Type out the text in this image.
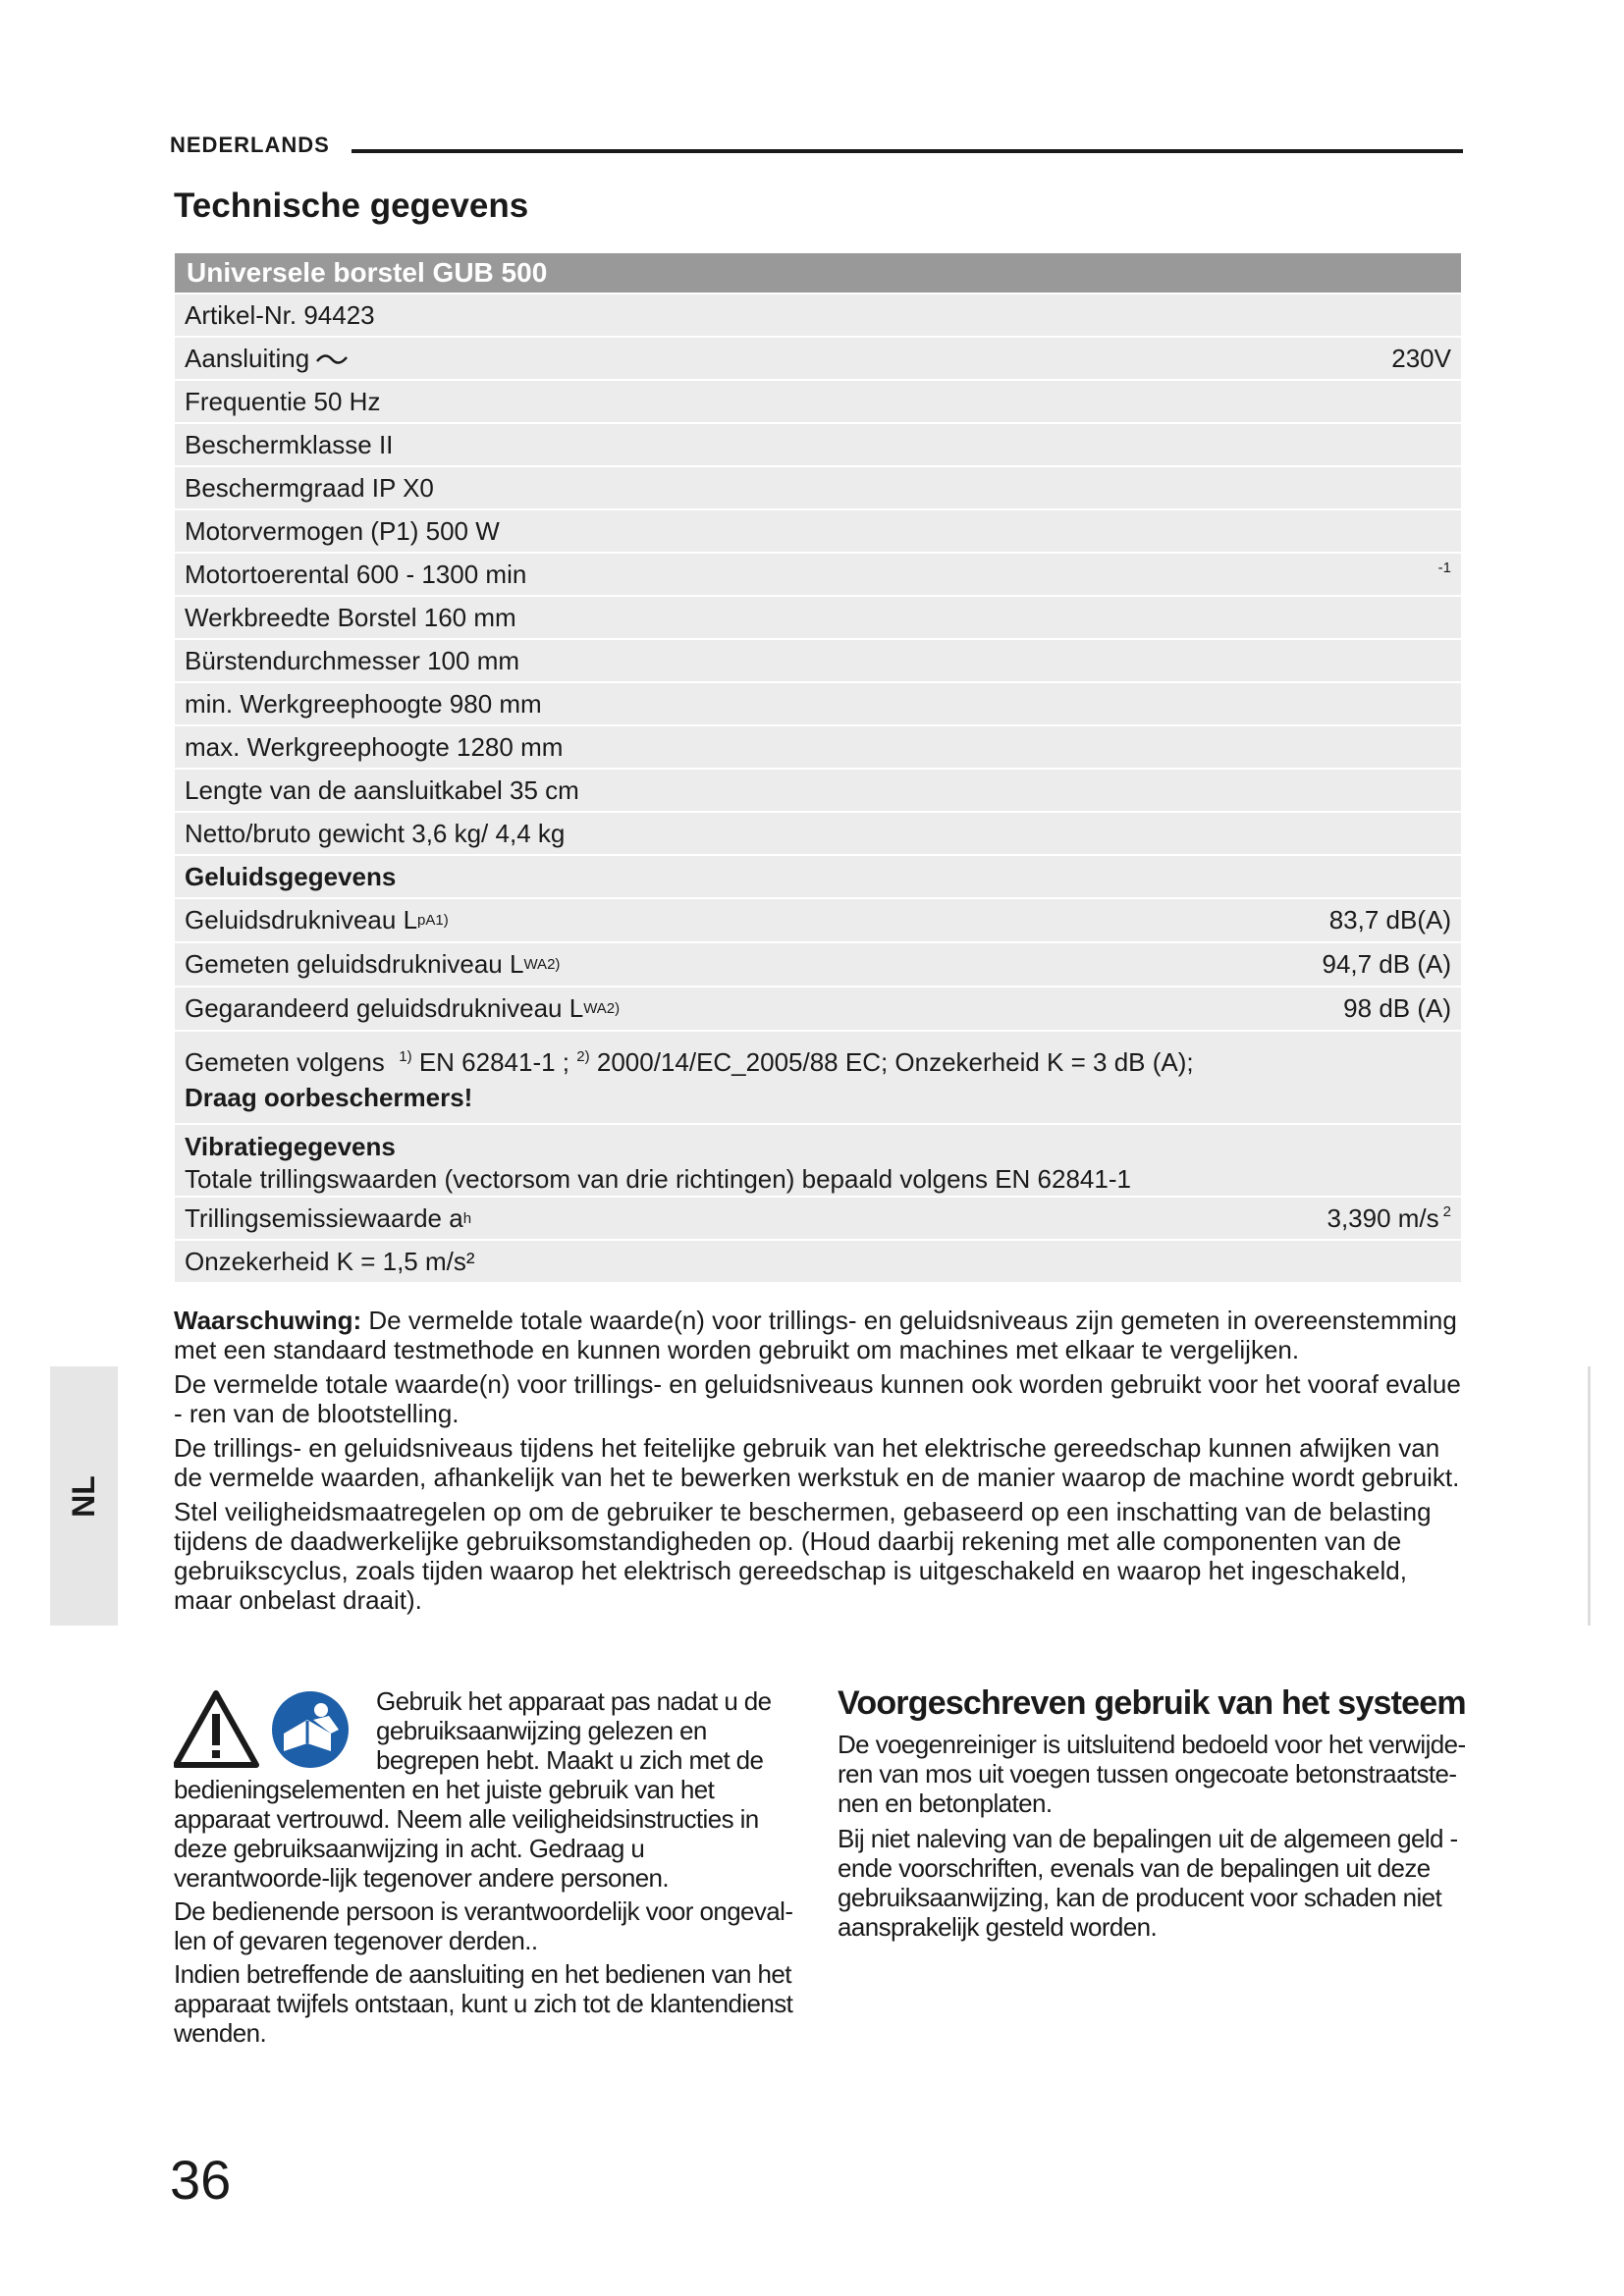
NEDERLANDS
Technische gegevens
Universele borstel GUB 500
Artikel-Nr. 94423
Aansluiting	230V
Frequentie 50 Hz
Beschermklasse II
Beschermgraad IP X0
Motorvermogen (P1) 500 W
Motortoerental 600 - 1300 min	-1
Werkbreedte Borstel 160 mm
Bürstendurchmesser 100 mm
min. Werkgreephoogte 980 mm
max. Werkgreephoogte 1280 mm
Lengte van de aansluitkabel 35 cm
Netto/bruto gewicht 3,6 kg/ 4,4 kg
Geluidsgegevens
Geluidsdrukniveau L pA 1)	83,7 dB(A)
Gemeten geluidsdrukniveau L WA 2)	94,7 dB (A)
Gegarandeerd geluidsdrukniveau L WA 2)	98 dB (A)
Gemeten volgens $^{1)}$ EN 62841-1 ; $^{2)}$ 2000/14/EC_2005/88 EC; Onzekerheid K = 3 dB (A);
Draag oorbeschermers!
Vibratiegegevens
Totale trillingswaarden (vectorsom van drie richtingen) bepaald volgens EN 62841-1
Trillingsemissiewaarde a h	3,390 m/s 2
Onzekerheid K = 1,5 m/s²

Waarschuwing: De vermelde totale waarde(n) voor trillings- en geluidsniveaus zijn gemeten in overeenstemming met een standaard testmethode en kunnen worden gebruikt om machines met elkaar te vergelijken.

De vermelde totale waarde(n) voor trillings- en geluidsniveaus kunnen ook worden gebruikt voor het vooraf evalue - ren van de blootstelling.

De trillings- en geluidsniveaus tijdens het feitelijke gebruik van het elektrische gereedschap kunnen afwijken van de vermelde waarden, afhankelijk van het te bewerken werkstuk en de manier waarop de machine wordt gebruikt.

Stel veiligheidsmaatregelen op om de gebruiker te beschermen, gebaseerd op een inschatting van de belasting tijdens de daadwerkelijke gebruiksomstandigheden op. (Houd daarbij rekening met alle componenten van de gebruikscyclus, zoals tijden waarop het elektrisch gereedschap is uitgeschakeld en waarop het ingeschakeld, maar onbelast draait).

NL

Gebruik het apparaat pas nadat u de gebruiksaanwijzing gelezen en begrepen hebt. Maakt u zich met de bedieningselementen en het juiste gebruik van het apparaat vertrouwd. Neem alle veiligheidsinstructies in deze gebruiksaanwijzing in acht. Gedraag u verantwoorde-lijk tegenover andere personen.

De bedienende persoon is verantwoordelijk voor ongeval-len of gevaren tegenover derden..

Indien betreffende de aansluiting en het bedienen van het apparaat twijfels ontstaan, kunt u zich tot de klantendienst wenden.

Voorgeschreven gebruik van het systeem

De voegenreiniger is uitsluitend bedoeld voor het verwijde-ren van mos uit voegen tussen ongecoate betonstraatste-nen en betonplaten.

Bij niet naleving van de bepalingen uit de algemeen geld - ende voorschriften, evenals van de bepalingen uit deze gebruiksaanwijzing, kan de producent voor schaden niet aansprakelijk gesteld worden.

36
